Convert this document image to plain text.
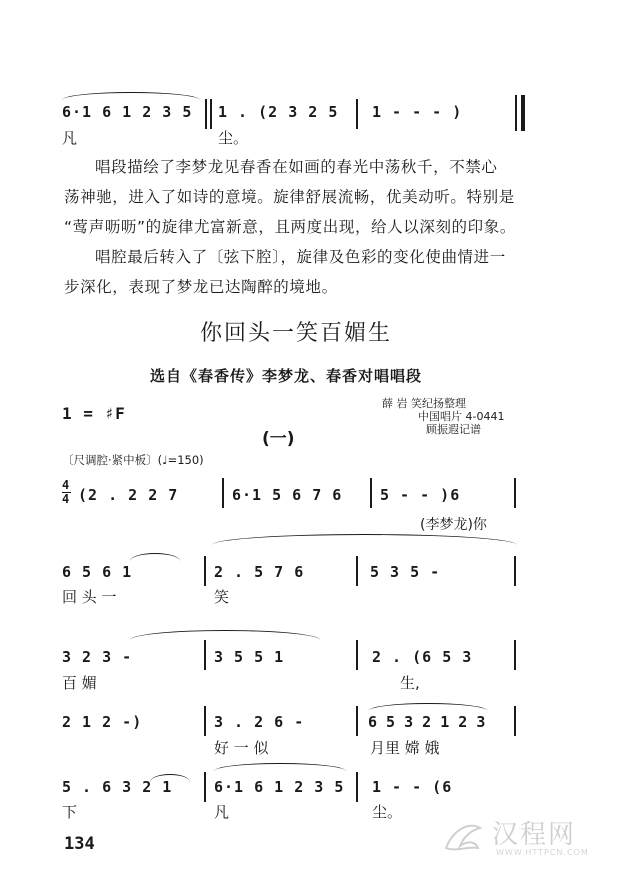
6·1 6 1 2 3 5
凡
1 . (2 3 2 5
尘。
1 - - - )
唱段描绘了李梦龙见春香在如画的春光中荡秋千，不禁心
荡神驰，进入了如诗的意境。旋律舒展流畅，优美动听。特别是
“莺声呖呖”的旋律尤富新意，且两度出现，给人以深刻的印象。
唱腔最后转入了〔弦下腔〕，旋律及色彩的变化使曲情进一
步深化，表现了梦龙已达陶醉的境地。
你回头一笑百媚生
选自《春香传》李梦龙、春香对唱唱段
薛 岩 笑纪扬整理
中国唱片 4-0441
顾振遐记谱
1 = ♯F
(一)
〔尺调腔·紧中板〕(♩=150)
4
4 (2 . 2 2 7	6·1 5 6 7 6	5 - - )6
(李梦龙)你
6 5 6 1
回 头 一
2 . 5 7 6
笑
5 3 5 -
3 2 3 -
百 媚
3 5 5 1	2 . (6 5 3
生,
2 1 2 -)	3 . 2 6 -
好 一 似
6 5 3 2 1 2 3
月里 嫦 娥
5 . 6 3 2 1
下
6·1 6 1 2 3 5
凡
1 - - (6
尘。
134	汉程网
WWW.HTTPCN.COM
